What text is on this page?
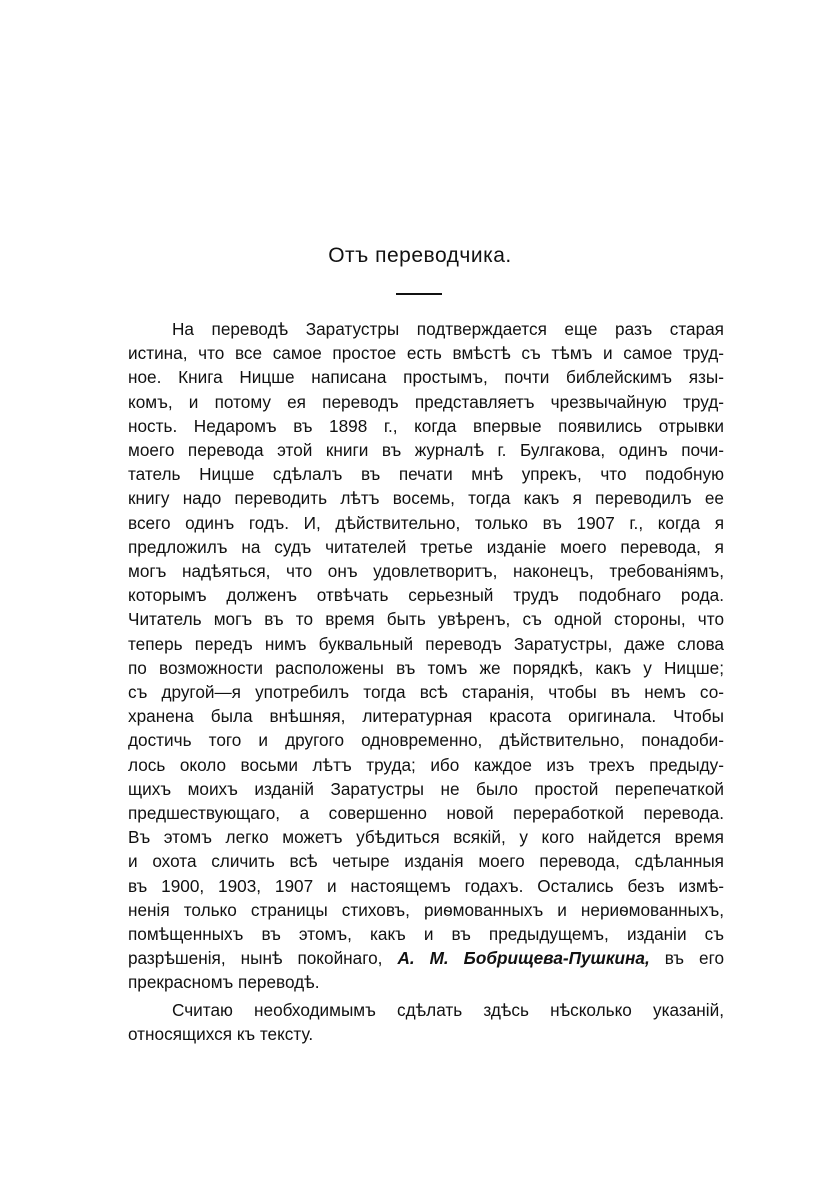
Отъ переводчика.
На переводѣ Заратустры подтверждается еще разъ старая
истина, что все самое простое есть вмѣстѣ съ тѣмъ и самое труд-
ное. Книга Ницше написана простымъ, почти библейскимъ язы-
комъ, и потому ея переводъ представляетъ чрезвычайную труд-
ность. Недаромъ въ 1898 г., когда впервые появились отрывки
моего перевода этой книги въ журналѣ г. Булгакова, одинъ почи-
татель Ницше сдѣлалъ въ печати мнѣ упрекъ, что подобную
книгу надо переводить лѣтъ восемь, тогда какъ я переводилъ ее
всего одинъ годъ. И, дѣйствительно, только въ 1907 г., когда я
предложилъ на судъ читателей третье изданіе моего перевода, я
могъ надѣяться, что онъ удовлетворитъ, наконецъ, требованіямъ,
которымъ долженъ отвѣчать серьезный трудъ подобнаго рода.
Читатель могъ въ то время быть увѣренъ, съ одной стороны, что
теперь передъ нимъ буквальный переводъ Заратустры, даже слова
по возможности расположены въ томъ же порядкѣ, какъ у Ницше;
съ другой—я употребилъ тогда всѣ старанія, чтобы въ немъ со-
хранена была внѣшняя, литературная красота оригинала. Чтобы
достичь того и другого одновременно, дѣйствительно, понадоби-
лось около восьми лѣтъ труда; ибо каждое изъ трехъ предыду-
щихъ моихъ изданій Заратустры не было простой перепечаткой
предшествующаго, а совершенно новой переработкой перевода.
Въ этомъ легко можетъ убѣдиться всякій, у кого найдется время
и охота сличить всѣ четыре изданія моего перевода, сдѣланныя
въ 1900, 1903, 1907 и настоящемъ годахъ. Остались безъ измѣ-
ненія только страницы стиховъ, риѳмованныхъ и нериѳмованныхъ,
помѣщенныхъ въ этомъ, какъ и въ предыдущемъ, изданіи съ
разрѣшенія, нынѣ покойнаго, А. М. Бобрищева-Пушкина, въ его
прекрасномъ переводѣ.
Считаю необходимымъ сдѣлать здѣсь нѣсколько указаній,
относящихся къ тексту.
